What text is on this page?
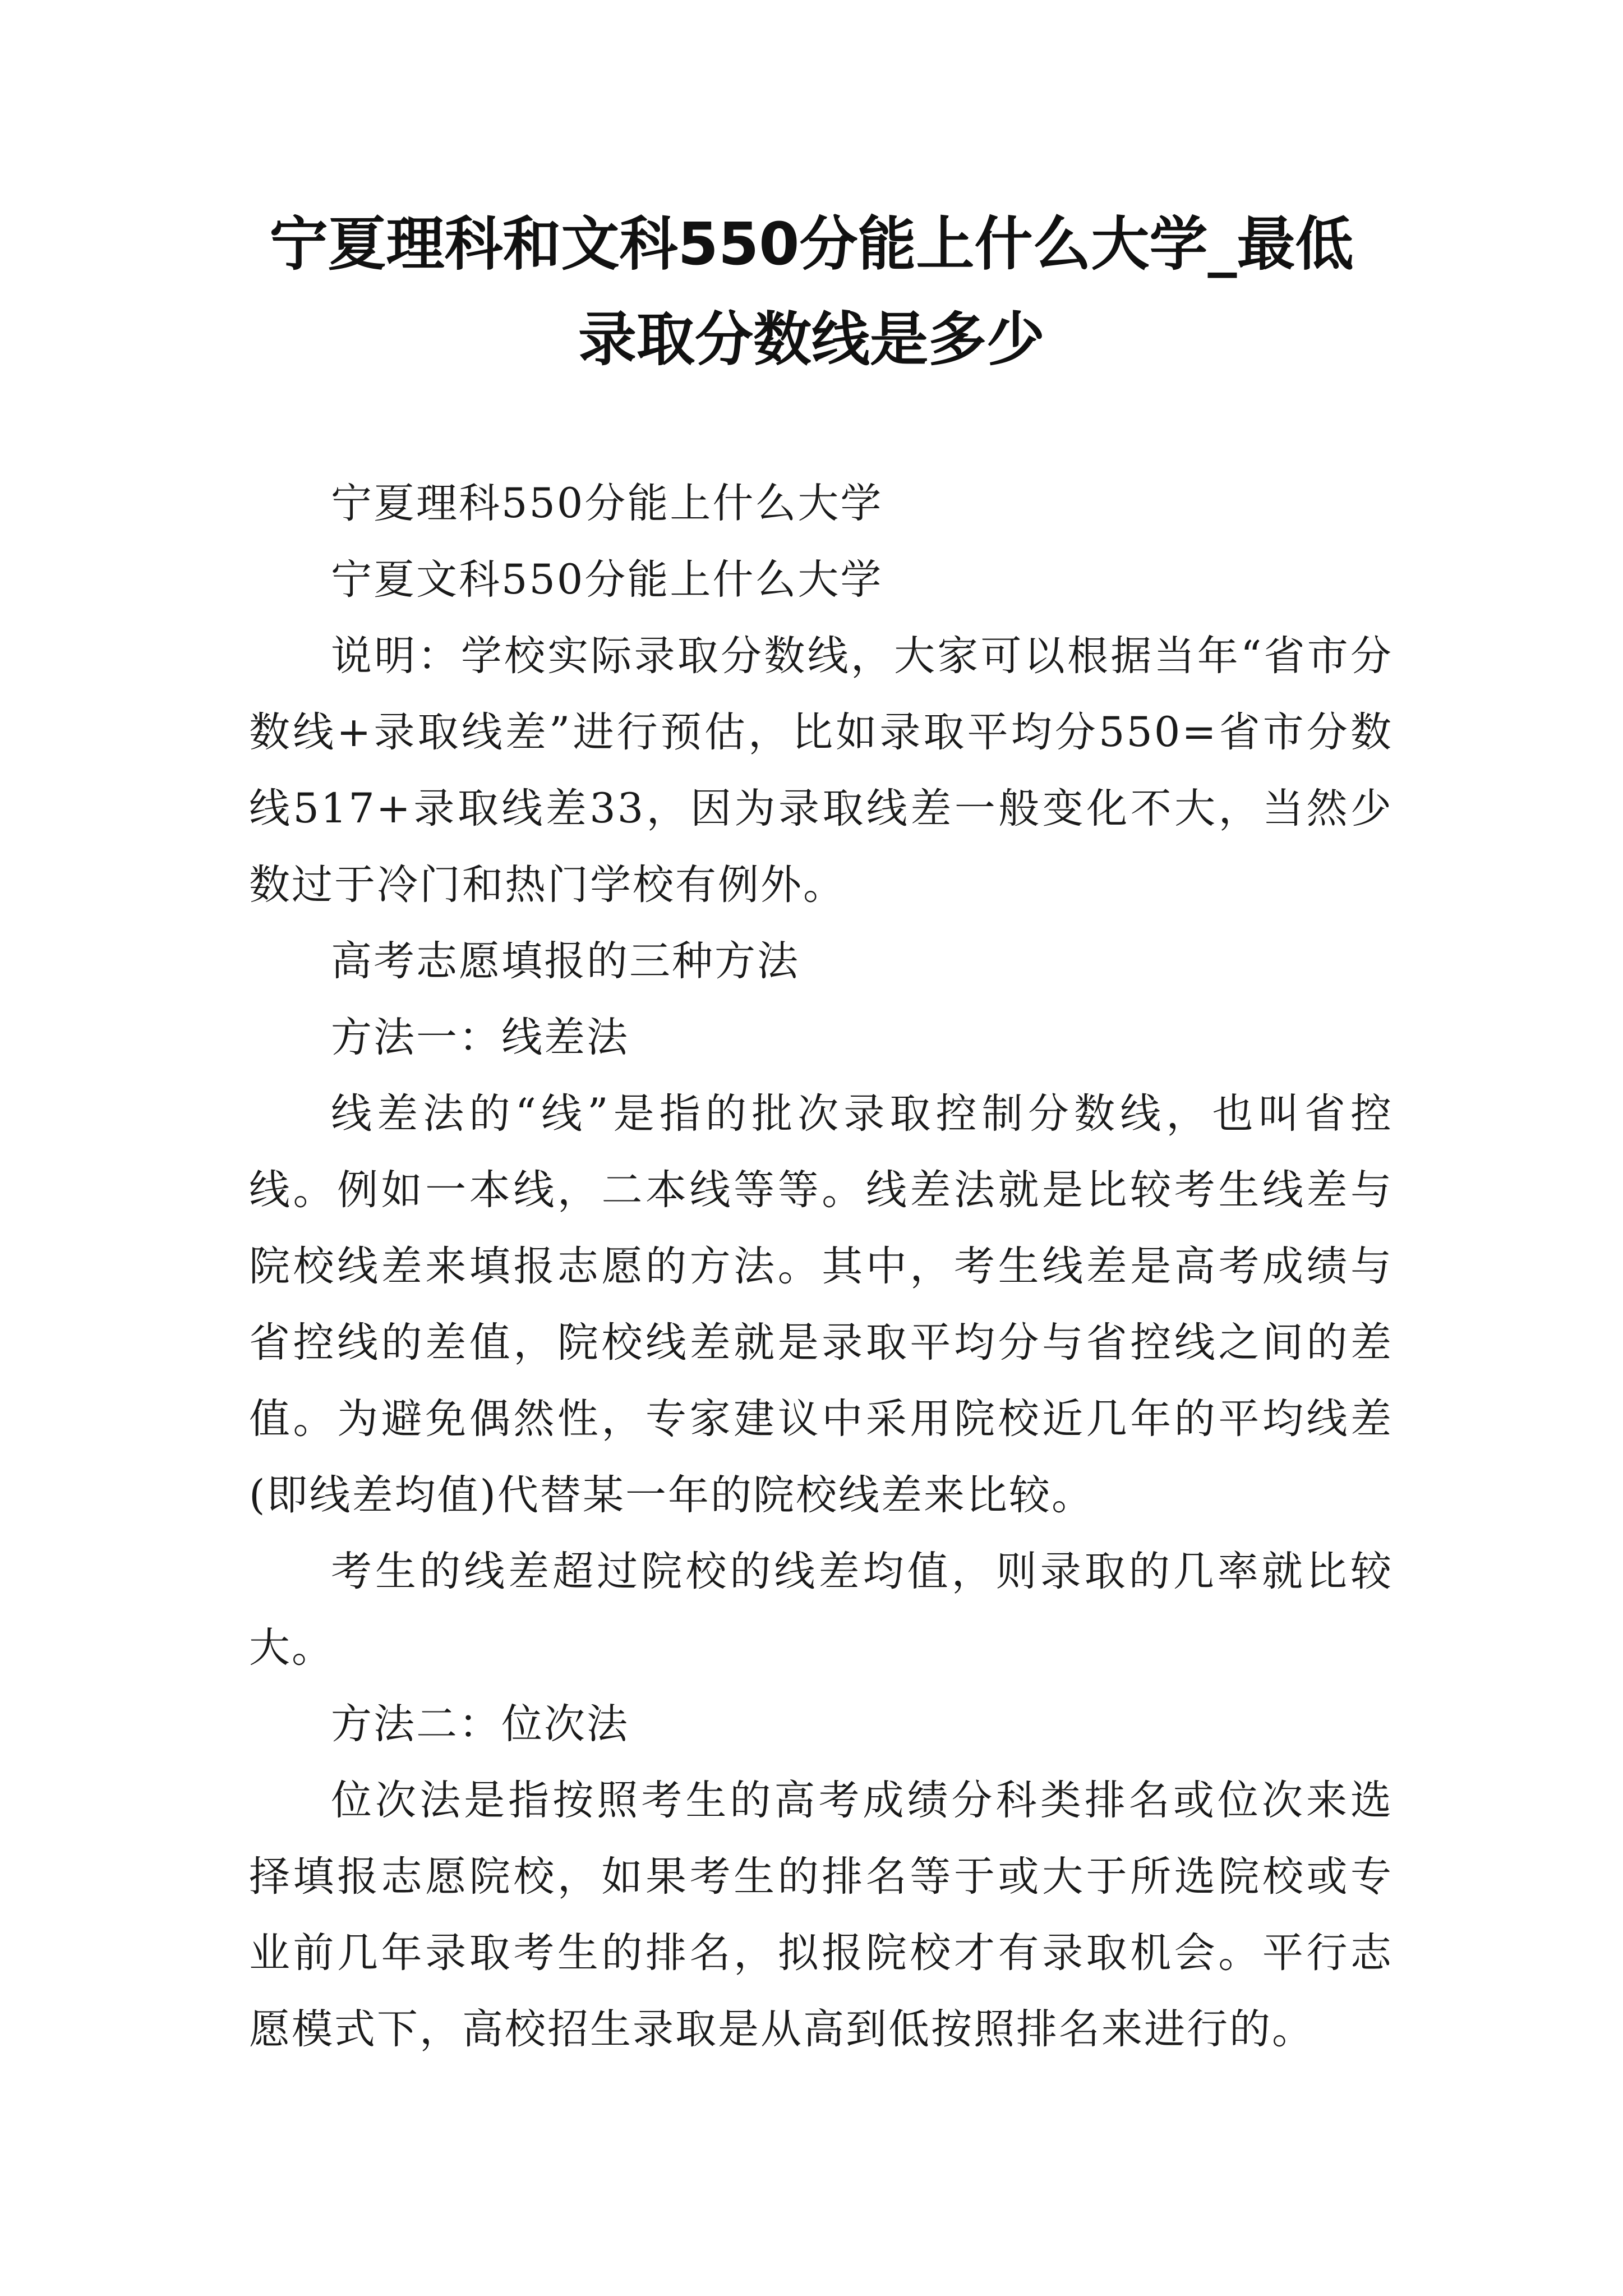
宁夏理科和文科550分能上什么大学_最低
录取分数线是多少

宁夏理科550分能上什么大学

宁夏文科550分能上什么大学

说明：学校实际录取分数线，大家可以根据当年“省市分数线+录取线差”进行预估，比如录取平均分550=省市分数线517+录取线差33，因为录取线差一般变化不大，当然少数过于冷门和热门学校有例外。

高考志愿填报的三种方法

方法一：线差法

线差法的“线”是指的批次录取控制分数线，也叫省控线。例如一本线，二本线等等。线差法就是比较考生线差与院校线差来填报志愿的方法。其中，考生线差是高考成绩与省控线的差值，院校线差就是录取平均分与省控线之间的差值。为避免偶然性，专家建议中采用院校近几年的平均线差(即线差均值)代替某一年的院校线差来比较。

考生的线差超过院校的线差均值，则录取的几率就比较大。

方法二：位次法

位次法是指按照考生的高考成绩分科类排名或位次来选择填报志愿院校，如果考生的排名等于或大于所选院校或专业前几年录取考生的排名，拟报院校才有录取机会。平行志愿模式下，高校招生录取是从高到低按照排名来进行的。
